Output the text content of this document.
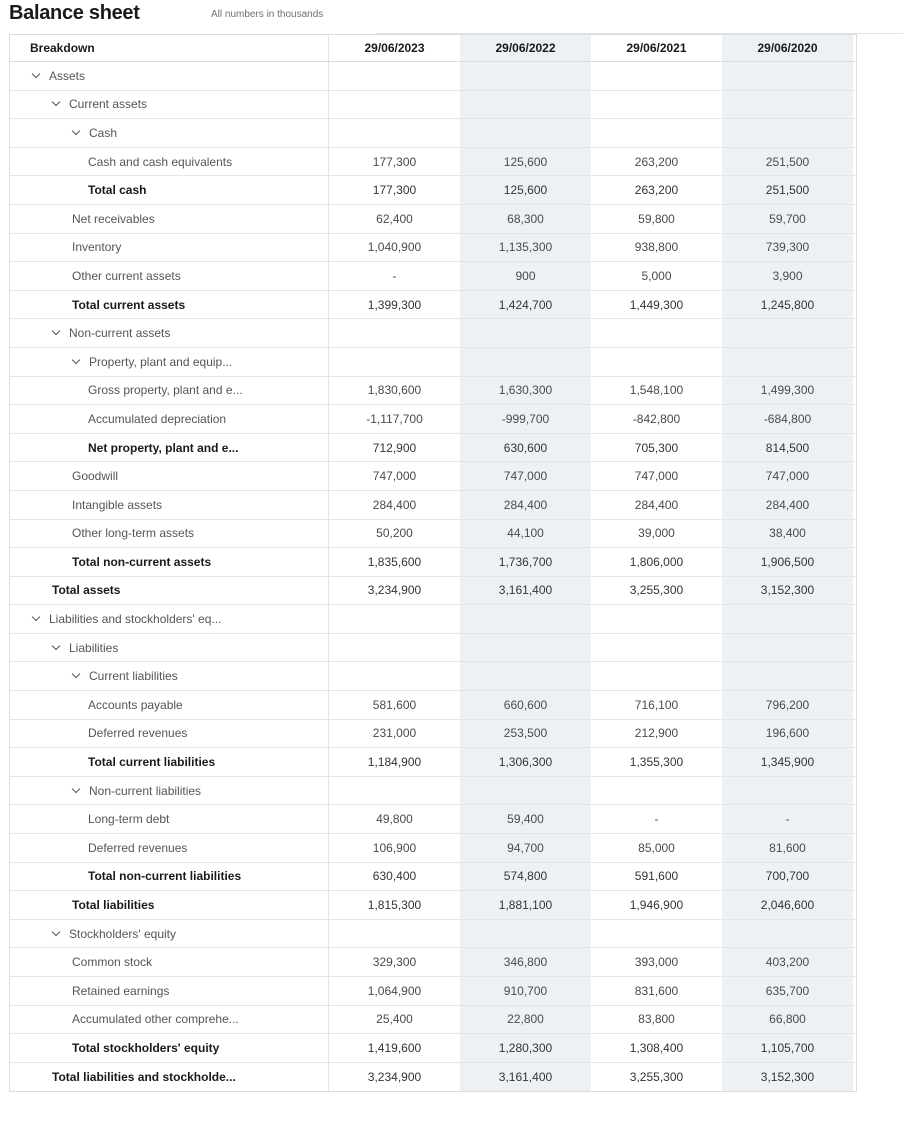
Balance sheet	All numbers in thousands
Breakdown	29/06/2023	29/06/2022	29/06/2021	29/06/2020
Assets
Current assets
Cash
Cash and cash equivalents	177,300	125,600	263,200	251,500
Total cash	177,300	125,600	263,200	251,500
Net receivables	62,400	68,300	59,800	59,700
Inventory	1,040,900	1,135,300	938,800	739,300
Other current assets	-	900	5,000	3,900
Total current assets	1,399,300	1,424,700	1,449,300	1,245,800
Non-current assets
Property, plant and equip...
Gross property, plant and e...	1,830,600	1,630,300	1,548,100	1,499,300
Accumulated depreciation	-1,117,700	-999,700	-842,800	-684,800
Net property, plant and e...	712,900	630,600	705,300	814,500
Goodwill	747,000	747,000	747,000	747,000
Intangible assets	284,400	284,400	284,400	284,400
Other long-term assets	50,200	44,100	39,000	38,400
Total non-current assets	1,835,600	1,736,700	1,806,000	1,906,500
Total assets	3,234,900	3,161,400	3,255,300	3,152,300
Liabilities and stockholders' eq...
Liabilities
Current liabilities
Accounts payable	581,600	660,600	716,100	796,200
Deferred revenues	231,000	253,500	212,900	196,600
Total current liabilities	1,184,900	1,306,300	1,355,300	1,345,900
Non-current liabilities
Long-term debt	49,800	59,400	-	-
Deferred revenues	106,900	94,700	85,000	81,600
Total non-current liabilities	630,400	574,800	591,600	700,700
Total liabilities	1,815,300	1,881,100	1,946,900	2,046,600
Stockholders' equity
Common stock	329,300	346,800	393,000	403,200
Retained earnings	1,064,900	910,700	831,600	635,700
Accumulated other comprehe...	25,400	22,800	83,800	66,800
Total stockholders' equity	1,419,600	1,280,300	1,308,400	1,105,700
Total liabilities and stockholde...	3,234,900	3,161,400	3,255,300	3,152,300
